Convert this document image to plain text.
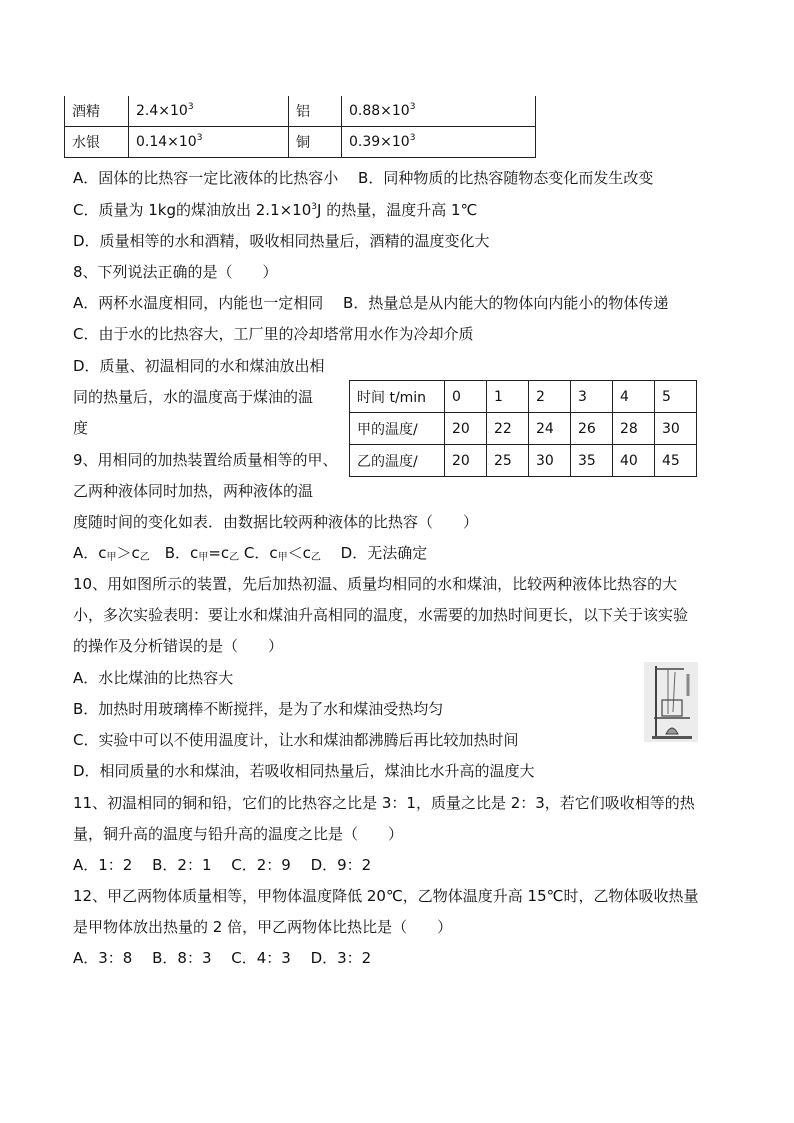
酒精	$2.4\times 10^3$	铝	$0.88\times 10^3$
水银	$0.14\times 10^3$	铜	$0.39\times 10^3$
A．固体的比热容一定比液体的比热容小　 B．同种物质的比热容随物态变化而发生改变
C．质量为 1kg的煤油放出 $2.1\times 10^3J$ 的热量，温度升高 1℃
D．质量相等的水和酒精，吸收相同热量后，酒精的温度变化大
8、下列说法正确的是（　　）
A．两杯水温度相同，内能也一定相同　 B．热量总是从内能大的物体向内能小的物体传递
C．由于水的比热容大，工厂里的冷却塔常用水作为冷却介质
D．质量、初温相同的水和煤油放出相
同的热量后，水的温度高于煤油的温
度
9、用相同的加热装置给质量相等的甲、
乙两种液体同时加热，两种液体的温
度随时间的变化如表．由数据比较两种液体的比热容（　　）
A．$c_甲>c_乙$　B．$c_甲=c_乙$ C．$c_甲<c_乙$　 D．无法确定
时间 t/min	0	1	2	3	4	5
甲的温度/	20	22	24	26	28	30
乙的温度/	20	25	30	35	40	45
10、用如图所示的装置，先后加热初温、质量均相同的水和煤油，比较两种液体比热容的大
小，多次实验表明：要让水和煤油升高相同的温度，水需要的加热时间更长，以下关于该实验
的操作及分析错误的是（　　）
A．水比煤油的比热容大
B．加热时用玻璃棒不断搅拌，是为了水和煤油受热均匀
C．实验中可以不使用温度计，让水和煤油都沸腾后再比较加热时间
D．相同质量的水和煤油，若吸收相同热量后，煤油比水升高的温度大
11、初温相同的铜和铅，它们的比热容之比是 3：1，质量之比是 2：3，若它们吸收相等的热
量，铜升高的温度与铅升高的温度之比是（　　）
A．1：2　 B．2：1　 C．2：9　 D．9：2
12、甲乙两物体质量相等，甲物体温度降低 20℃，乙物体温度升高 15℃时，乙物体吸收热量
是甲物体放出热量的 2 倍，甲乙两物体比热比是（　　）
A．3：8　 B．8：3　 C．4：3　 D．3：2
